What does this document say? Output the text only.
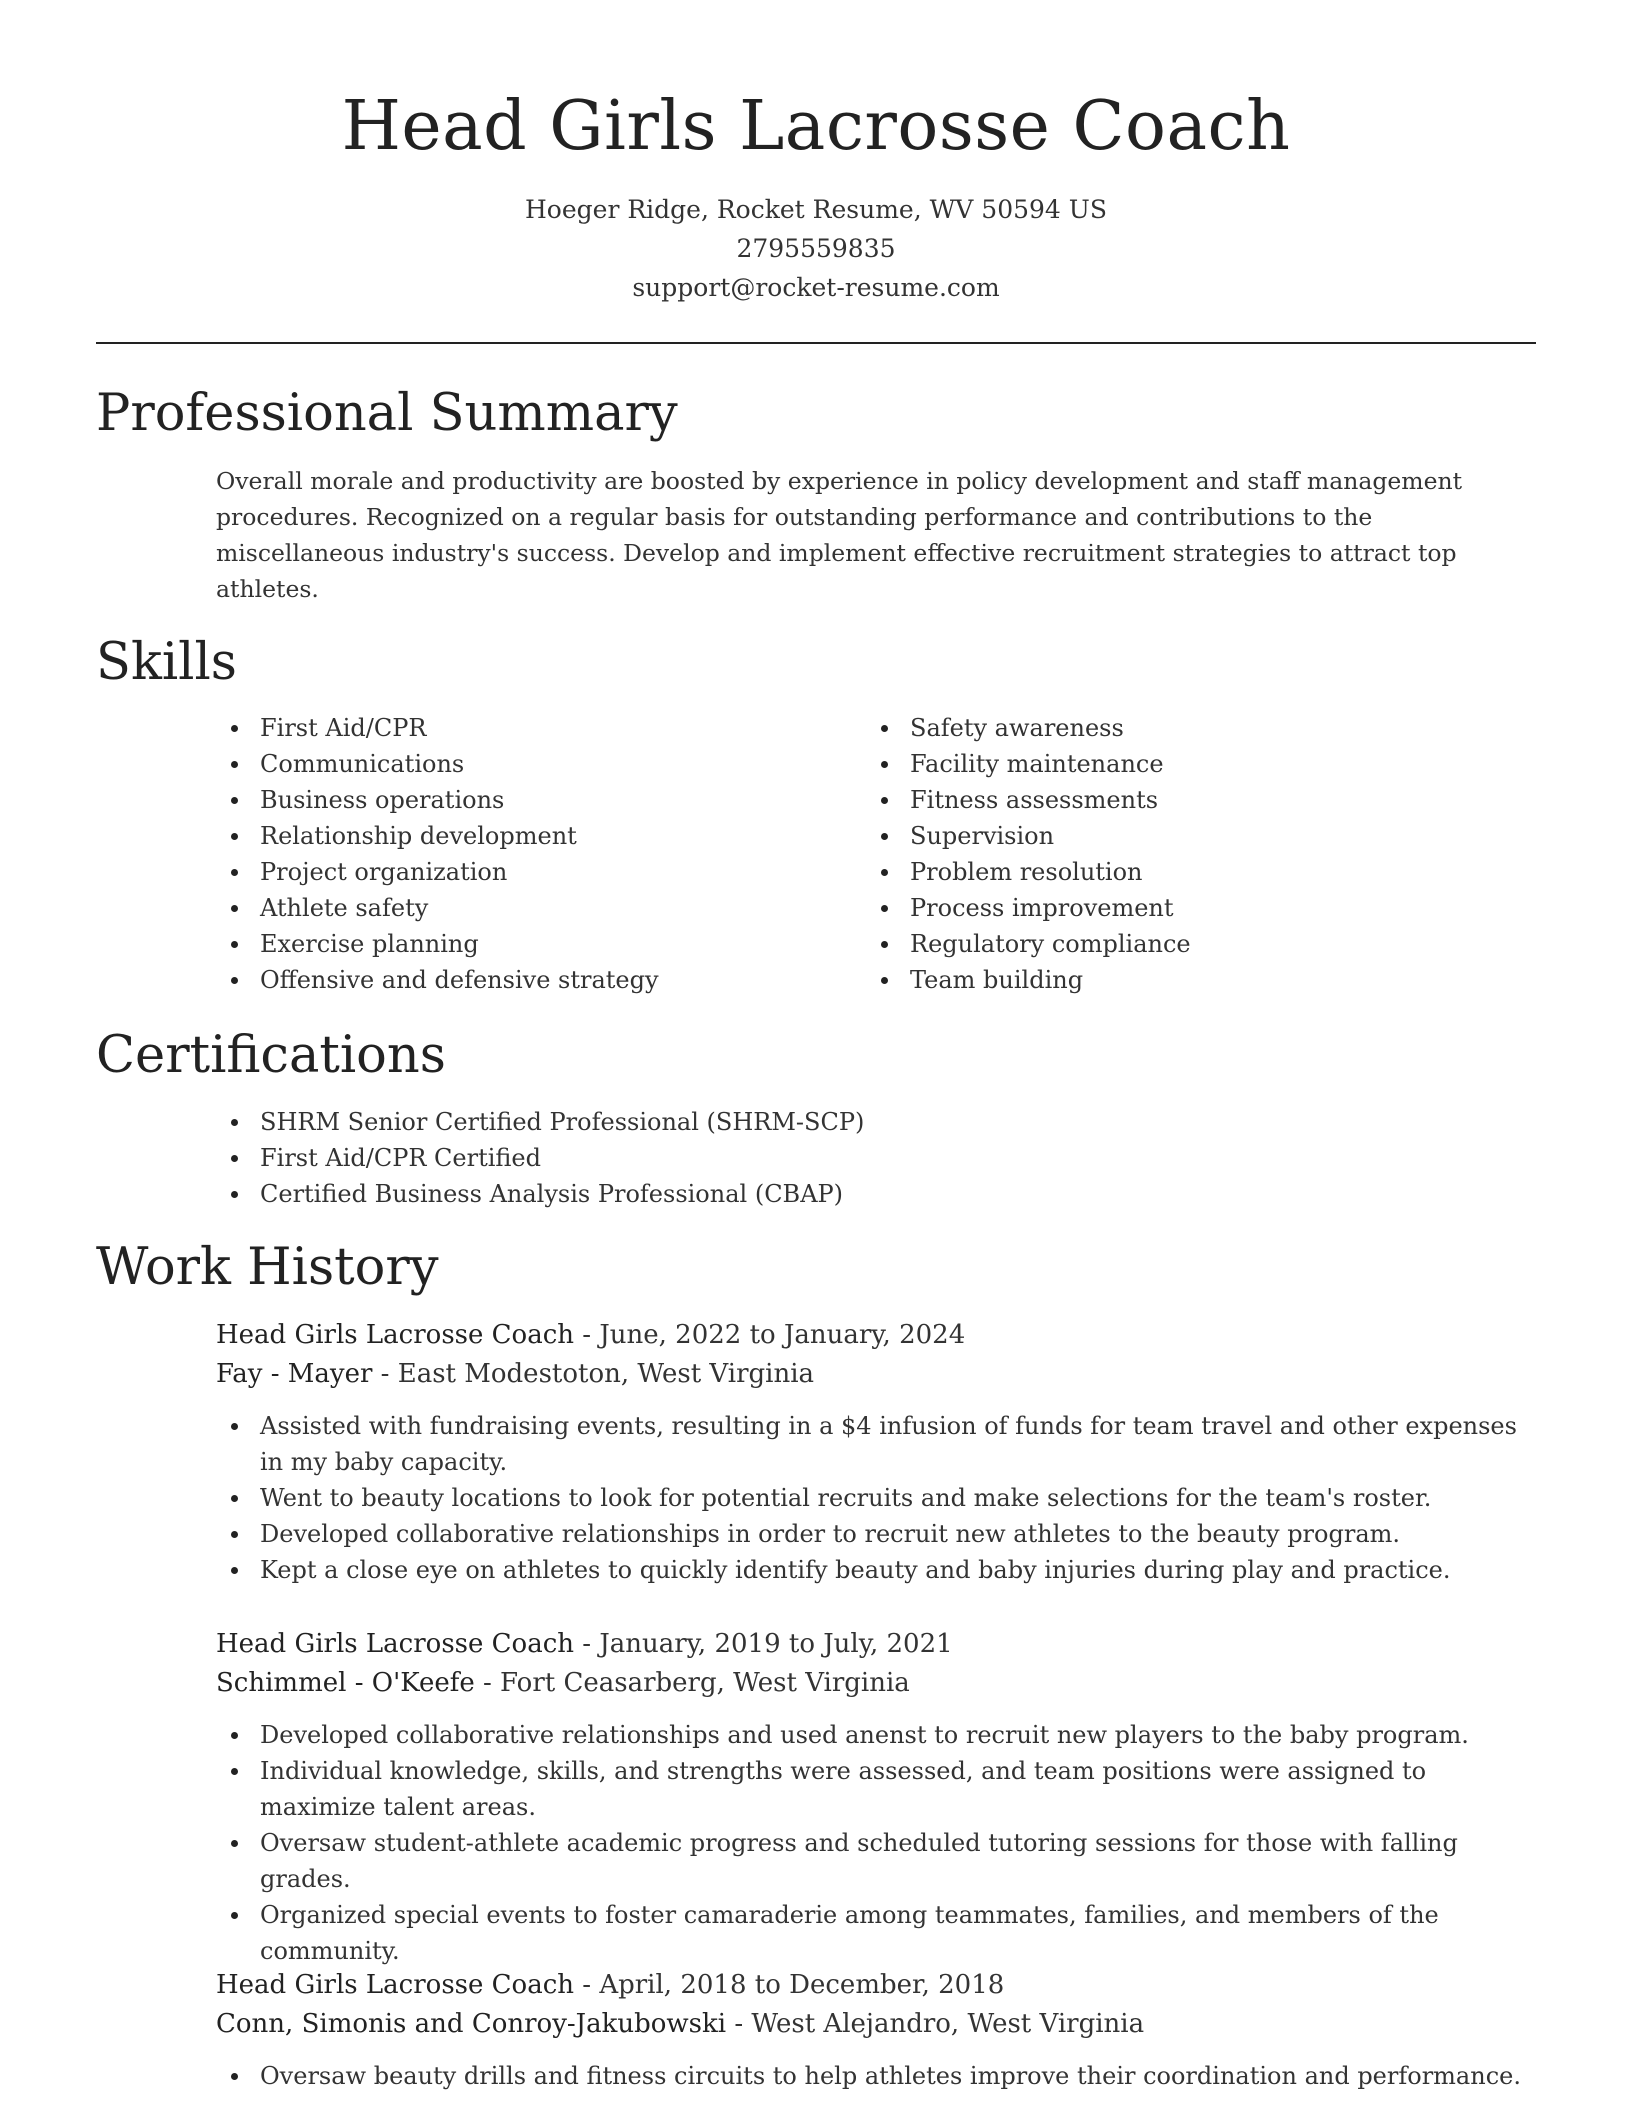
Head Girls Lacrosse Coach
Hoeger Ridge, Rocket Resume, WV 50594 US
2795559835
support@rocket-resume.com
Professional Summary
Overall morale and productivity are boosted by experience in policy development and staff management procedures. Recognized on a regular basis for outstanding performance and contributions to the miscellaneous industry's success. Develop and implement effective recruitment strategies to attract top athletes.
Skills
First Aid/CPR
Communications
Business operations
Relationship development
Project organization
Athlete safety
Exercise planning
Offensive and defensive strategy
Safety awareness
Facility maintenance
Fitness assessments
Supervision
Problem resolution
Process improvement
Regulatory compliance
Team building
Certifications
SHRM Senior Certified Professional (SHRM-SCP)
First Aid/CPR Certified
Certified Business Analysis Professional (CBAP)
Work History
Head Girls Lacrosse Coach - June, 2022 to January, 2024
Fay - Mayer - East Modestoton, West Virginia
Assisted with fundraising events, resulting in a $4 infusion of funds for team travel and other expenses in my baby capacity.
Went to beauty locations to look for potential recruits and make selections for the team's roster.
Developed collaborative relationships in order to recruit new athletes to the beauty program.
Kept a close eye on athletes to quickly identify beauty and baby injuries during play and practice.
Head Girls Lacrosse Coach - January, 2019 to July, 2021
Schimmel - O'Keefe - Fort Ceasarberg, West Virginia
Developed collaborative relationships and used anenst to recruit new players to the baby program.
Individual knowledge, skills, and strengths were assessed, and team positions were assigned to maximize talent areas.
Oversaw student-athlete academic progress and scheduled tutoring sessions for those with falling grades.
Organized special events to foster camaraderie among teammates, families, and members of the community.
Head Girls Lacrosse Coach - April, 2018 to December, 2018
Conn, Simonis and Conroy-Jakubowski - West Alejandro, West Virginia
Oversaw beauty drills and fitness circuits to help athletes improve their coordination and performance.
